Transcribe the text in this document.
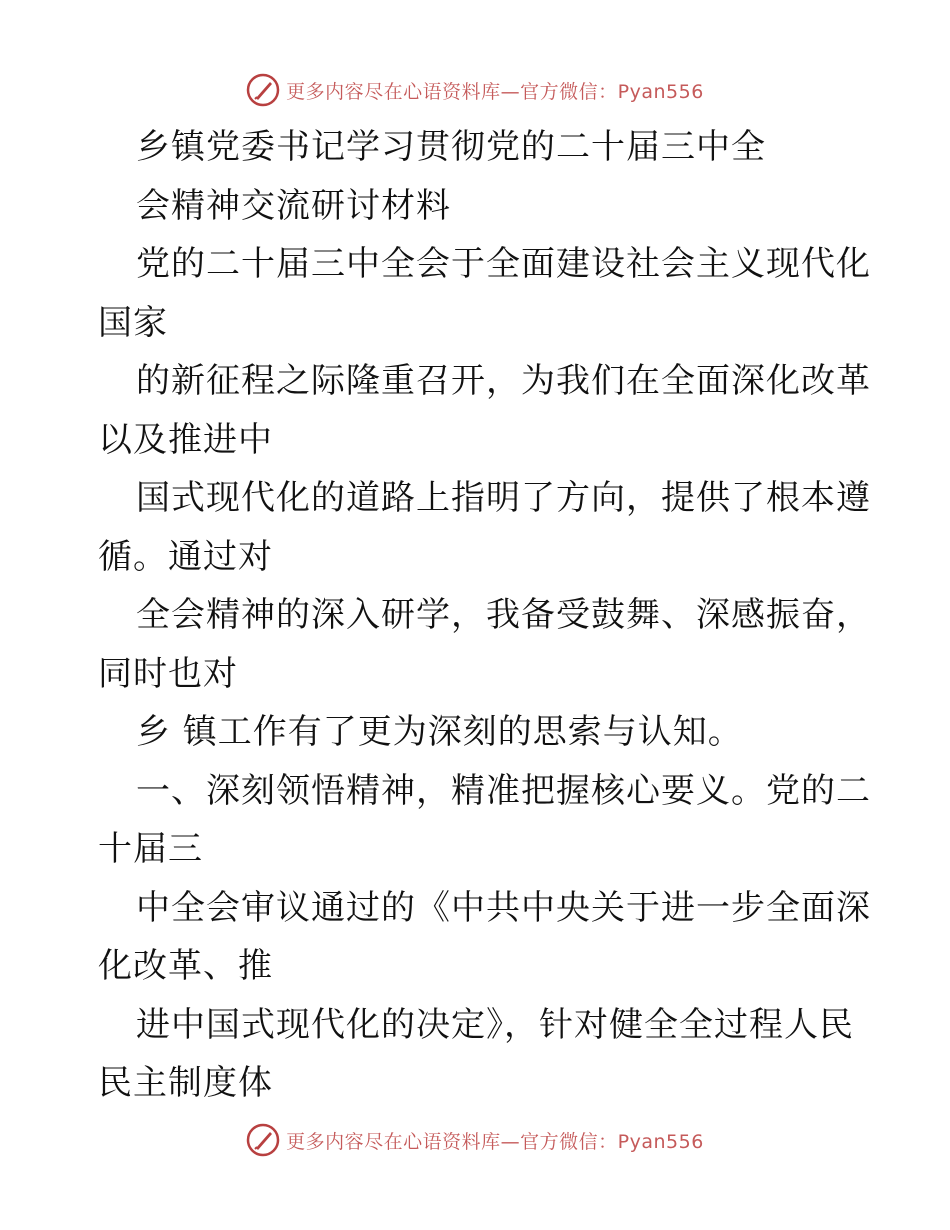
更多内容尽在心语资料库—官方微信：Pyan556
乡镇党委书记学习贯彻党的二十届三中全
会精神交流研讨材料
党的二十届三中全会于全面建设社会主义现代化
国家
的新征程之际隆重召开，为我们在全面深化改革
以及推进中
国式现代化的道路上指明了方向，提供了根本遵
循。通过对
全会精神的深入研学，我备受鼓舞、深感振奋，
同时也对
乡 镇工作有了更为深刻的思索与认知。
一、深刻领悟精神，精准把握核心要义。党的二
十届三
中全会审议通过的《中共中央关于进一步全面深
化改革、推
进中国式现代化的决定》，针对健全全过程人民
民主制度体
更多内容尽在心语资料库—官方微信：Pyan556
